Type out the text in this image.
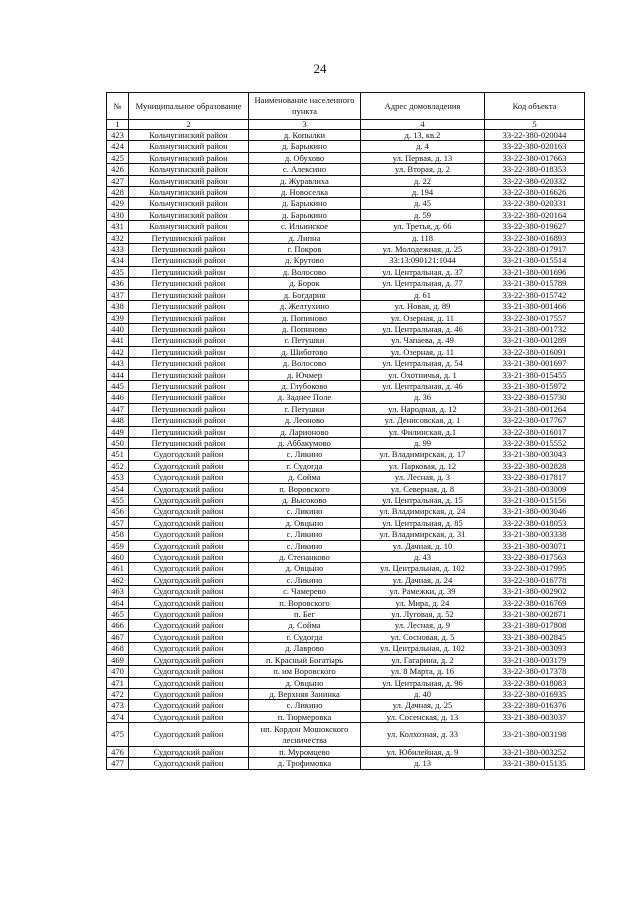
24
№	Муниципальное образование	Наименование населенного пункта	Адрес домовладения	Код объекта
1	2	3	4	5
423	Кольчугинский район	д. Копылки	д. 13, кв.2	33-22-380-020044
424	Кольчугинский район	д. Барыкино	д. 4	33-22-380-020163
425	Кольчугинский район	д. Обухово	ул. Первая, д. 13	33-22-380-017663
426	Кольчугинский район	с. Алексино	ул. Вторая, д. 2	33-22-380-018353
427	Кольчугинский район	д. Журавлиха	д. 22	33-22-380-020332
428	Кольчугинский район	д. Новоселка	д. 194	33-22-380-016626
429	Кольчугинский район	д. Барыкино	д. 45	33-22-380-020331
430	Кольчугинский район	д. Барыкино	д. 59	33-22-380-020164
431	Кольчугинский район	с. Ильинское	ул. Третья, д. 66	33-22-380-019627
432	Петушинский район	д. Липна	д. 118	33-22-380-016893
433	Петушинский район	г. Покров	ул. Молодежная, д. 25	33-22-380-017917
434	Петушинский район	д. Крутово	33:13:090121:1044	33-21-380-015514
435	Петушинский район	д. Волосово	ул. Центральная, д. 37	33-21-380-001696
436	Петушинский район	д. Борок	ул. Центральная, д. 77	33-21-380-015789
437	Петушинский район	д. Богдарня	д. 61	33-22-380-015742
438	Петушинский район	д. Желтухино	ул. Новая, д. 89	33-21-380-001466
439	Петушинский район	д. Попиново	ул. Озерная, д. 11	33-22-380-017557
440	Петушинский район	д. Попиново	ул. Центральная, д. 46	33-21-380-001732
441	Петушинский район	г. Петушки	ул. Чапаева, д. 49	33-21-380-001289
442	Петушинский район	д. Шиботово	ул. Озерная, д. 11	33-22-380-016091
443	Петушинский район	д. Волосово	ул. Центральная, д. 54	33-21-380-001697
444	Петушинский район	д. Ючмер	ул. Охотничья, д. 1	33-21-380-015455
445	Петушинский район	д. Глубоково	ул. Центральная, д. 46	33-21-380-015972
446	Петушинский район	д. Заднее Поле	д. 36	33-22-380-015730
447	Петушинский район	г. Петушки	ул. Народная, д. 12	33-21-380-001264
448	Петушинский район	д. Леоново	ул. Денисовская, д. 1	33-22-380-017767
449	Петушинский район	д. Ларионово	ул. Филинская, д.1	33-22-380-016017
450	Петушинский район	д. Аббакумово	д. 99	33-22-380-015552
451	Судогодский район	с. Ликино	ул. Владимирская, д. 17	33-21-380-003043
452	Судогодский район	г. Судогда	ул. Парковая, д. 12	33-22-380-002828
453	Судогодский район	д. Сойма	ул. Лесная, д. 3	33-22-380-017817
454	Судогодский район	п. Воровского	ул. Северная, д. 8	33-21-380-003009
455	Судогодский район	д. Высоково	ул. Центральная, д. 15	33-21-380-015156
456	Судогодский район	с. Ликино	ул. Владимирская, д. 24	33-21-380-003046
457	Судогодский район	д. Овцыно	ул. Центральная, д. 85	33-22-380-018053
458	Судогодский район	с. Ликино	ул. Владимирская, д. 31	33-21-380-003338
459	Судогодский район	с. Ликино	ул. Дачная, д. 10	33-21-380-003071
460	Судогодский район	д. Степанково	д. 43	33-22-380-017563
461	Судогодский район	д. Овцыно	ул. Центральная, д. 102	33-22-380-017995
462	Судогодский район	с. Ликино	ул. Дачная, д. 24	33-22-380-016778
463	Судогодский район	с. Чамерево	ул. Рамежки, д. 39	33-21-380-002902
464	Судогодский район	п. Воровского	ул. Мира, д. 24	33-22-380-016769
465	Судогодский район	п. Бег	ул. Луговая, д. 52	33-21-380-002871
466	Судогодский район	д. Сойма	ул. Лесная, д. 9	33-21-380-017808
467	Судогодский район	г. Судогда	ул. Сосновая, д. 5	33-21-380-002845
468	Судогодский район	д. Лаврово	ул. Центральная, д. 102	33-21-380-003093
469	Судогодский район	п. Красный Богатырь	ул. Гагарина, д. 2	33-21-380-003179
470	Судогодский район	п. им Воровского	ул. 8 Марта, д. 16	33-22-380-017378
471	Судогодский район	д. Овцыно	ул. Центральная, д. 96	33-22-380-018083
472	Судогодский район	д. Верхняя Занинка	д. 40	33-22-380-016935
473	Судогодский район	с. Ликино	ул. Дачная, д. 25	33-22-380-016376
474	Судогодский район	п. Тюрмеровка	ул. Сосенская, д. 13	33-21-380-003037
475	Судогодский район	нп. Кордон Мошокского лесничества	ул. Колхозная, д. 33	33-21-380-003198
476	Судогодский район	п. Муромцево	ул. Юбилейная, д. 9	33-21-380-003252
477	Судогодский район	д. Трофимовка	д. 13	33-21-380-015135
